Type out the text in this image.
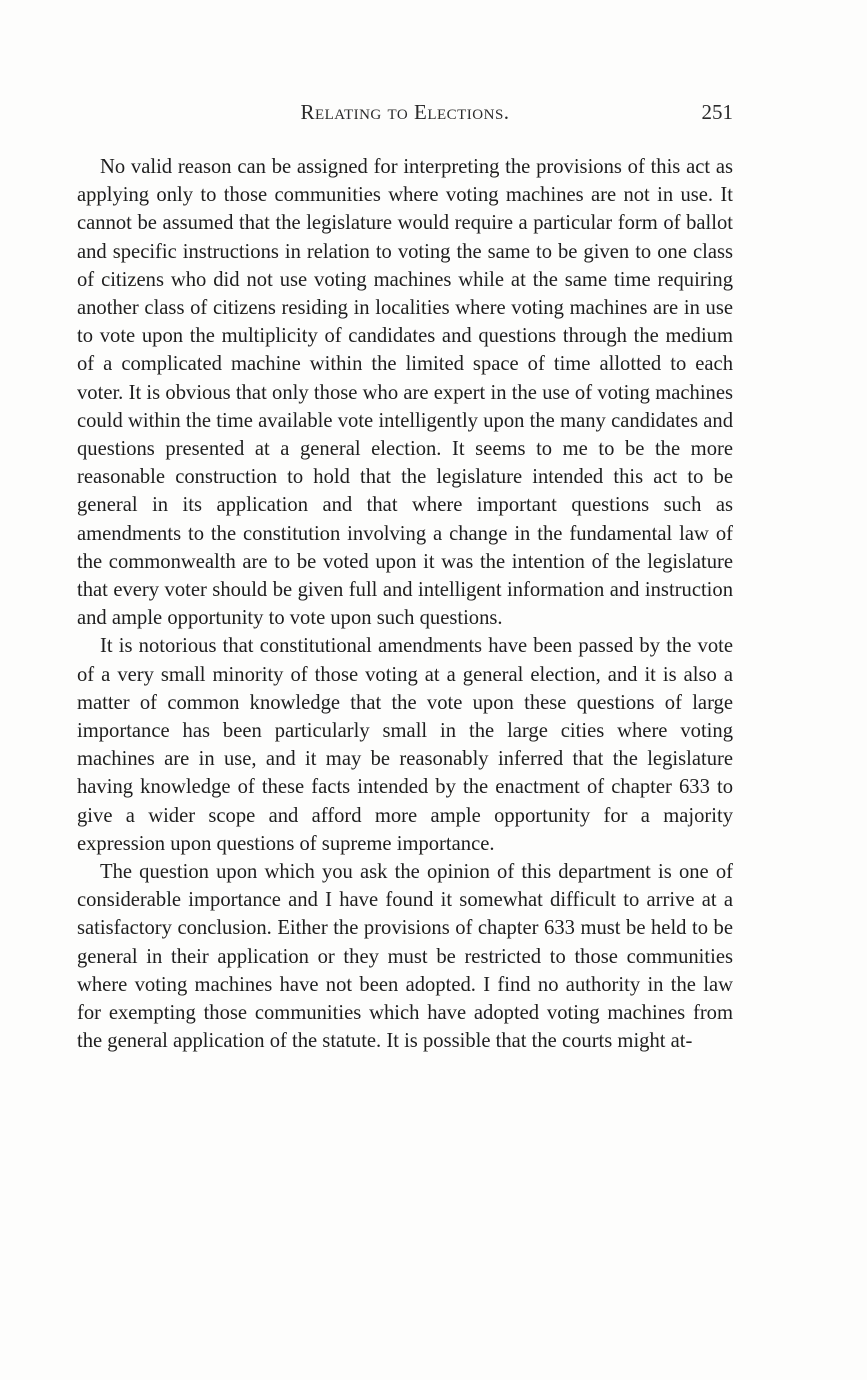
Relating to Elections.	251

No valid reason can be assigned for interpreting the provisions of this act as applying only to those communities where voting machines are not in use. It cannot be assumed that the legislature would require a particular form of ballot and specific instructions in relation to voting the same to be given to one class of citizens who did not use voting machines while at the same time requiring another class of citizens residing in localities where voting machines are in use to vote upon the multiplicity of candidates and questions through the medium of a complicated machine within the limited space of time allotted to each voter. It is obvious that only those who are expert in the use of voting machines could within the time available vote intelligently upon the many candidates and questions presented at a general election. It seems to me to be the more reasonable construction to hold that the legislature intended this act to be general in its application and that where important questions such as amendments to the constitution involving a change in the fundamental law of the commonwealth are to be voted upon it was the intention of the legislature that every voter should be given full and intelligent information and instruction and ample opportunity to vote upon such questions.

It is notorious that constitutional amendments have been passed by the vote of a very small minority of those voting at a general election, and it is also a matter of common knowledge that the vote upon these questions of large importance has been particularly small in the large cities where voting machines are in use, and it may be reasonably inferred that the legislature having knowledge of these facts intended by the enactment of chapter 633 to give a wider scope and afford more ample opportunity for a majority expression upon questions of supreme importance.

The question upon which you ask the opinion of this department is one of considerable importance and I have found it somewhat difficult to arrive at a satisfactory conclusion. Either the provisions of chapter 633 must be held to be general in their application or they must be restricted to those communities where voting machines have not been adopted. I find no authority in the law for exempting those communities which have adopted voting machines from the general application of the statute. It is possible that the courts might at-
